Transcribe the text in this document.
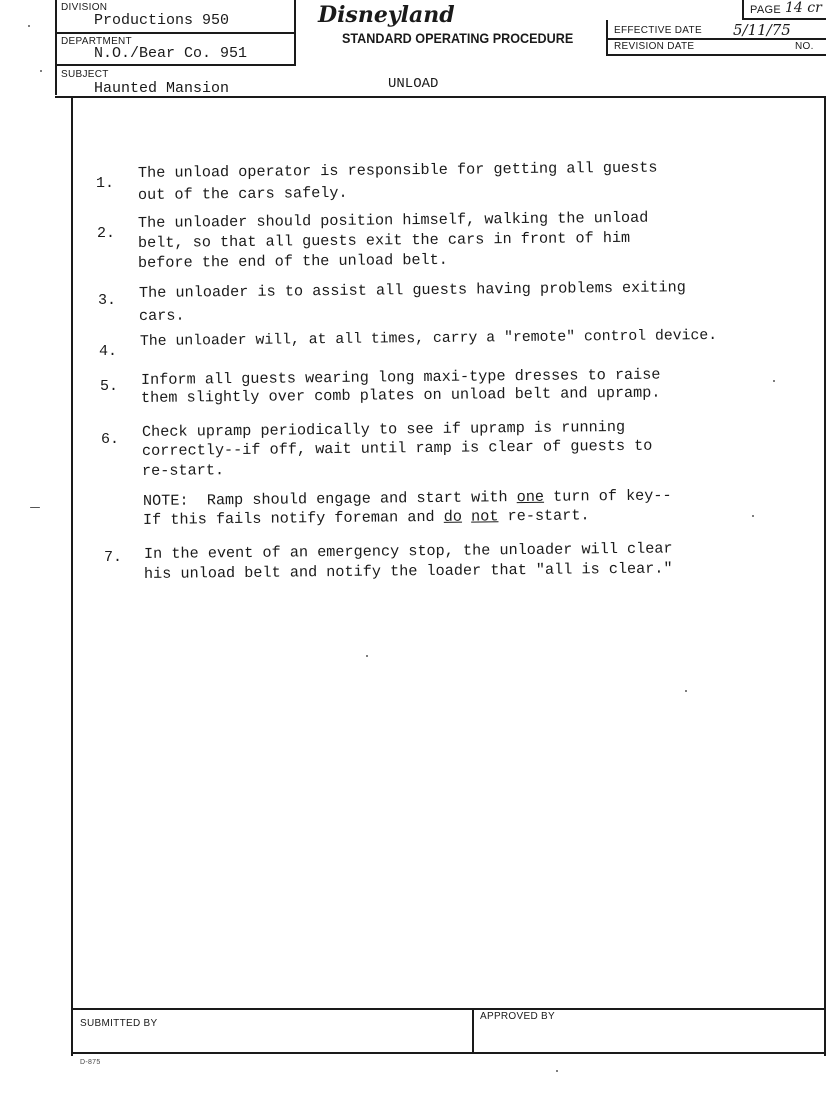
DIVISION
Productions 950
DEPARTMENT
N.O./Bear Co. 951
SUBJECT
Haunted Mansion
Disneyland
STANDARD OPERATING PROCEDURE
PAGE 14 cr
EFFECTIVE DATE 5/11/75
REVISION DATE	NO.
UNLOAD
1.
The unload operator is responsible for getting all guests
out of the cars safely.
2.
The unloader should position himself, walking the unload
belt, so that all guests exit the cars in front of him
before the end of the unload belt.
3. The unloader is to assist all guests having problems exiting
cars.
4.
The unloader will, at all times, carry a "remote" control device.
5. Inform all guests wearing long maxi-type dresses to raise
them slightly over comb plates on unload belt and upramp.
6. Check upramp periodically to see if upramp is running
correctly--if off, wait until ramp is clear of guests to
re-start.
NOTE:  Ramp should engage and start with one turn of key--
If this fails notify foreman and do not re-start.
7. In the event of an emergency stop, the unloader will clear
his unload belt and notify the loader that "all is clear."
SUBMITTED BY
APPROVED BY
D-875
